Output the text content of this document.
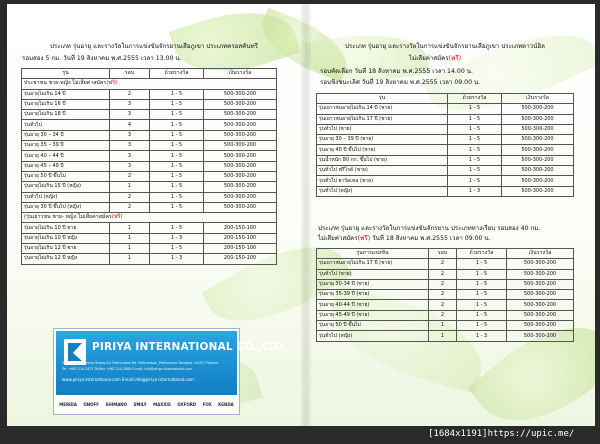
ประเภท รุ่นอายุ และรางวัลในการแข่งขันจักรยานเสือภูเขา ประเภทครอสคันทรี
รอบสอง 5 กม. วันที่ 19 สิงหาคม พ.ศ.2555 เวลา 13.00 น.
รุ่น	รอบ	ถ้วยรางวัล	เงินรางวัล
ประชาชน ชาย-หญิง ไม่เสียค่าสมัคร(ฟรี)			
รุ่นอายุไม่เกิน 14 ปี	2	1 - 5	500-300-200
รุ่นอายุไม่เกิน 16 ปี	3	1 - 5	500-300-200
รุ่นอายุไม่เกิน 18 ปี	3	1 - 5	500-300-200
รุ่นทั่วไป	4	1 - 5	500-300-200
รุ่นอายุ 30 – 34 ปี	3	1 - 5	500-300-200
รุ่นอายุ 35 – 39 ปี	3	1 - 5	500-300-200
รุ่นอายุ 40 – 44 ปี	3	1 - 5	500-300-200
รุ่นอายุ 45 – 49 ปี	3	1 - 5	500-300-200
รุ่นอายุ 50 ปี ขึ้นไป	2	1 - 5	500-300-200
รุ่นอายุไม่เกิน 15 ปี (หญิง)	1	1 - 5	500-300-200
รุ่นทั่วไป (หญิง)	2	1 - 5	500-300-200
รุ่นอายุ 30 ปี ขึ้นไป (หญิง)	2	1 - 5	500-300-200
(รุ่นเยาวชน ชาย- หญิง ไม่เสียค่าสมัคร(ฟรี)			
รุ่นอายุไม่เกิน 10 ปี ชาย	1	1 - 5	200-150-100
รุ่นอายุไม่เกิน 10 ปี หญิง	1	1 - 3	200-150-100
รุ่นอายุไม่เกิน 12 ปี ชาย	1	1 - 5	200-150-100
รุ่นอายุไม่เกิน 12 ปี หญิง	1	1 - 3	200-150-100
PIRIYA INTERNATIONAL CO.,LTD.
58 - 61/63 Soi Rong Muang 4/2 Pathumwan Rd. Pathumwan, Pathumwan Bangkok 10330 Thailand
Tel. +662 214-3473 Tel/Fax +662 214-2880 E-mail: info@piriya-international.com
www.piriya-international.com Email:info@piriya-international.com
MERIDA ONOFF SHIMANO SMILY MAXXIS OXFORD FOX KENDA
ประเภท รุ่นอายุ และรางวัลในการแข่งขันจักรยานเสือภูเขา ประเภทดาวน์ฮิล
ไม่เสียค่าสมัคร(ฟรี)
รอบคัดเลือก วันที่ 18 สิงหาคม พ.ศ.2555 เวลา 14.00 น.
รอบชิงชนะเลิศ วันที่ 19 สิงหาคม พ.ศ.2555 เวลา 09.00 น.
รุ่น	ถ้วยรางวัล	เงินรางวัล
รุ่นเยาวชนอายุไม่เกิน 14 ปี (ชาย)	1 - 5	500-300-200
รุ่นเยาวชนอายุไม่เกิน 17 ปี (ชาย)	1 - 5	500-300-200
รุ่นทั่วไป (ชาย)	1 - 5	500-300-200
รุ่นอายุ 30 – 39 ปี (ชาย)	1 - 5	500-300-200
รุ่นอายุ 40 ปี ขึ้นไป (ชาย)	1 - 5	500-300-200
รุ่นน้ำหนัก 80 กก. ขึ้นไป (ชาย)	1 - 5	500-300-200
รุ่นทั่วไป ฟรีไรด์ (ชาย)	1 - 5	500-300-200
รุ่นทั่วไป ฮาร์ดเทล (ชาย)	1 - 5	500-300-200
รุ่นทั่วไป (หญิง)	1 - 3	500-300-200
ประเภท รุ่นอายุ และรางวัลในการแข่งขันจักรยาน ประเภททางเรียบ รอบสอง 40 กม.
ไม่เสียค่าสมัคร(ฟรี) วันที่ 18 สิงหาคม พ.ศ.2555 เวลา 09.00 น.
รุ่นการแข่งขัน	รอบ	ถ้วยรางวัล	เงินรางวัล
รุ่นเยาวชนอายุไม่เกิน 17 ปี (ชาย)	2	1 - 5	500-300-200
รุ่นทั่วไป (ชาย)	2	1 - 5	500-300-200
รุ่นอายุ 30-34 ปี (ชาย)	2	1 - 5	500-300-200
รุ่นอายุ 35-39 ปี (ชาย)	2	1 - 5	500-300-200
รุ่นอายุ 40-44 ปี (ชาย)	2	1 - 5	500-300-200
รุ่นอายุ 45-49 ปี (ชาย)	2	1 - 5	500-300-200
รุ่นอายุ 50 ปี ขึ้นไป	1	1 - 5	500-300-200
รุ่นทั่วไป (หญิง)	1	1 - 3	500-300-200
[1684x1191]https://upic.me/
